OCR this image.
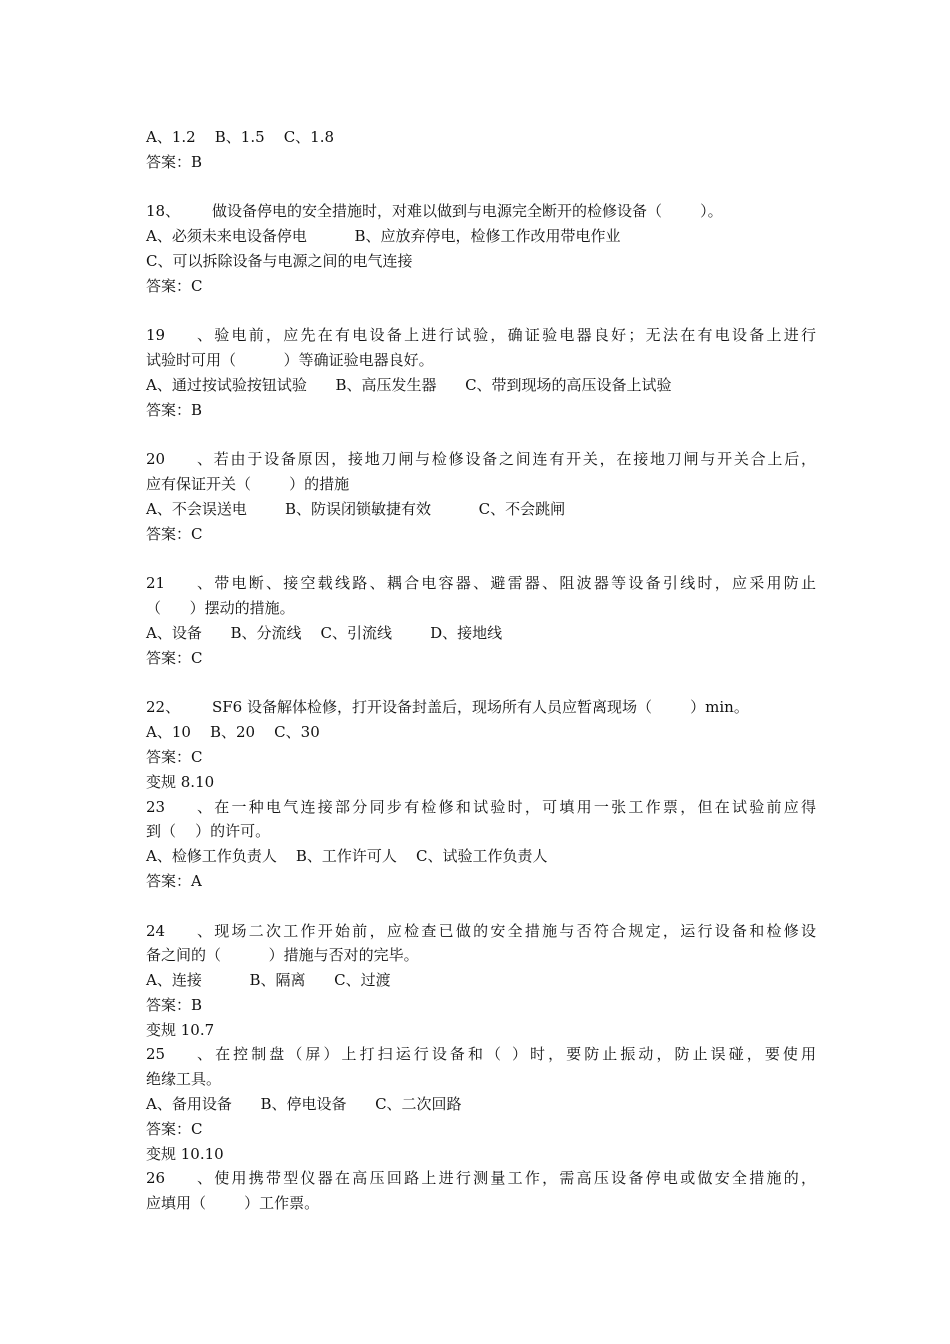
A、1.2    B、1.5    C、1.8
答案：B
18、 做设备停电的安全措施时，对难以做到与电源完全断开的检修设备（        ）。
A、必须未来电设备停电          B、应放弃停电，检修工作改用带电作业
C、可以拆除设备与电源之间的电气连接
答案：C
19、验电前，应先在有电设备上进行试验，确证验电器良好；无法在有电设备上进行
试验时可用（          ）等确证验电器良好。
A、通过按试验按钮试验      B、高压发生器      C、带到现场的高压设备上试验
答案：B
20、若由于设备原因，接地刀闸与检修设备之间连有开关，在接地刀闸与开关合上后，
应有保证开关（        ）的措施
A、不会误送电        B、防误闭锁敏捷有效          C、不会跳闸
答案：C
21、带电断、接空载线路、耦合电容器、避雷器、阻波器等设备引线时，应采用防止
（      ）摆动的措施。
A、设备      B、分流线    C、引流线        D、接地线
答案：C
22、 SF6 设备解体检修，打开设备封盖后，现场所有人员应暂离现场（        ）min。
A、10    B、20    C、30
答案：C
变规 8.10
23、在一种电气连接部分同步有检修和试验时，可填用一张工作票，但在试验前应得
到（    ）的许可。
A、检修工作负责人    B、工作许可人    C、试验工作负责人
答案：A
24、现场二次工作开始前，应检查已做的安全措施与否符合规定，运行设备和检修设
备之间的（          ）措施与否对的完毕。
A、连接          B、隔离      C、过渡
答案：B
变规 10.7
25、在控制盘（屏）上打扫运行设备和（ ）时，要防止振动，防止误碰，要使用
绝缘工具。
A、备用设备      B、停电设备      C、二次回路
答案：C
变规 10.10
26、使用携带型仪器在高压回路上进行测量工作，需高压设备停电或做安全措施的，
应填用（        ）工作票。
